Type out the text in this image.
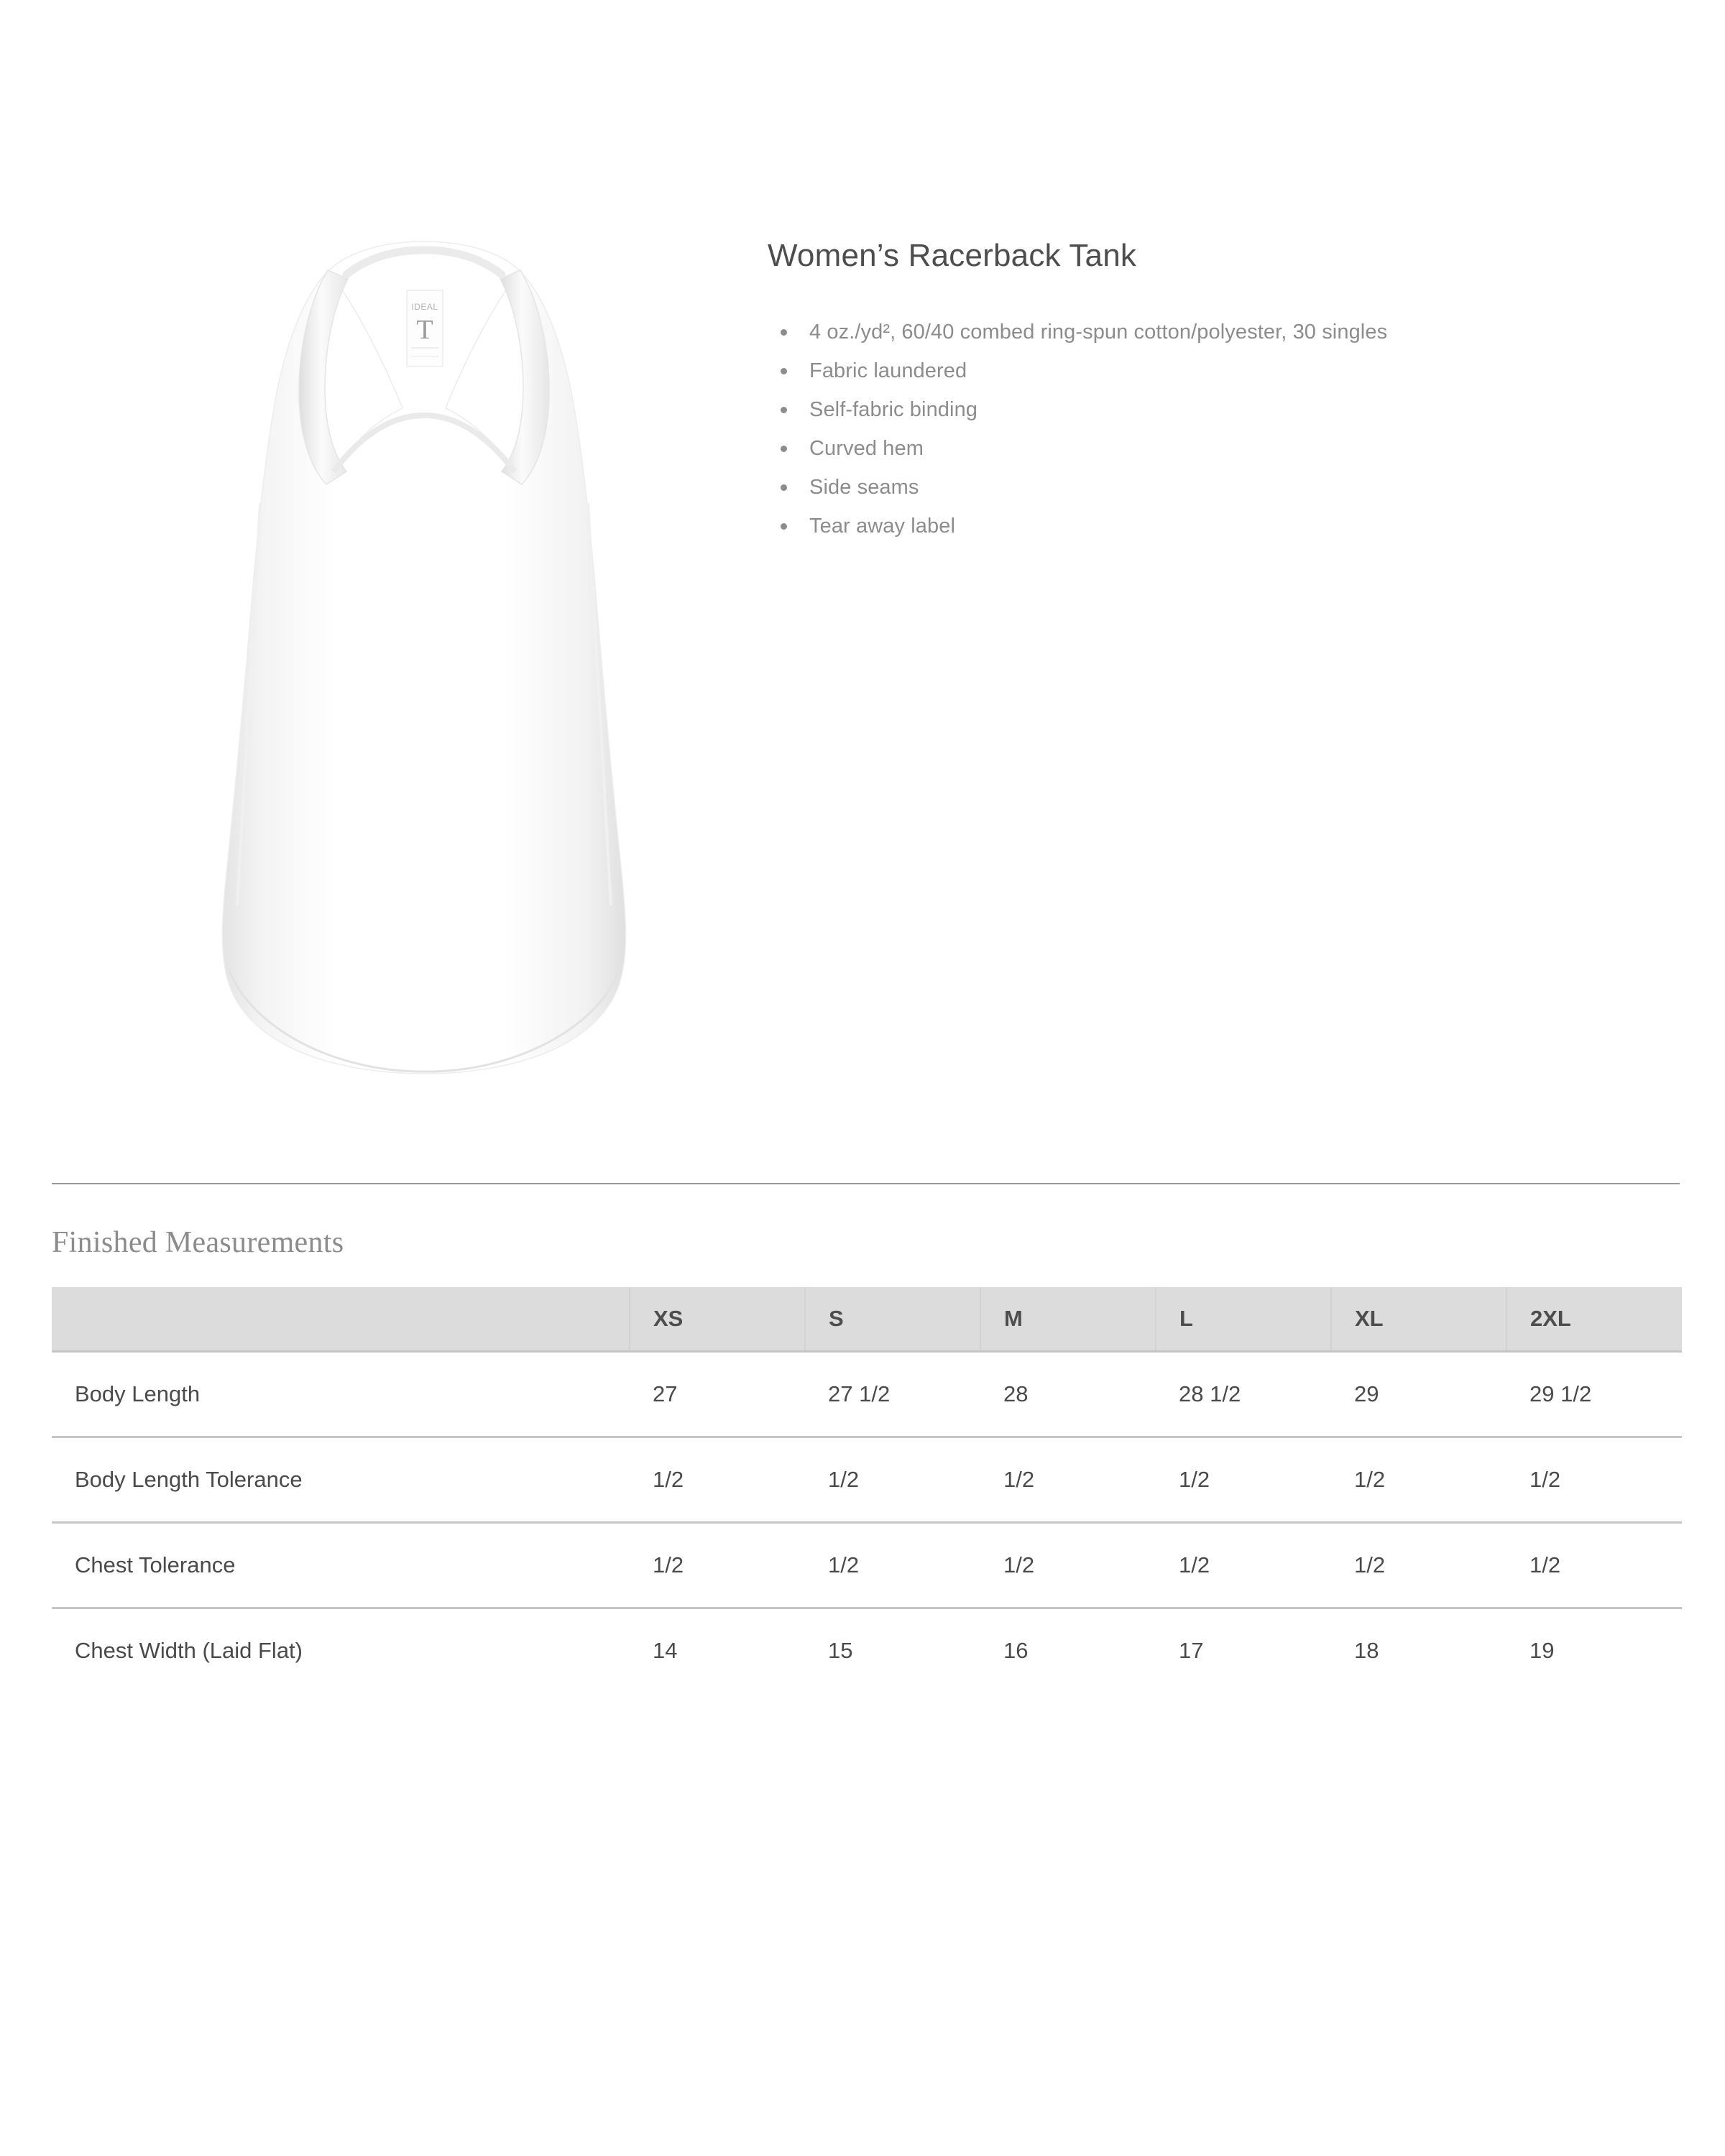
IDEAL
T
Women’s Racerback Tank
4 oz./yd², 60/40 combed ring-spun cotton/polyester, 30 singles
Fabric laundered
Self-fabric binding
Curved hem
Side seams
Tear away label
Finished Measurements
	XS	S	M	L	XL	2XL
Body Length	27	27 1/2	28	28 1/2	29	29 1/2
Body Length Tolerance	1/2	1/2	1/2	1/2	1/2	1/2
Chest Tolerance	1/2	1/2	1/2	1/2	1/2	1/2
Chest Width (Laid Flat)	14	15	16	17	18	19
